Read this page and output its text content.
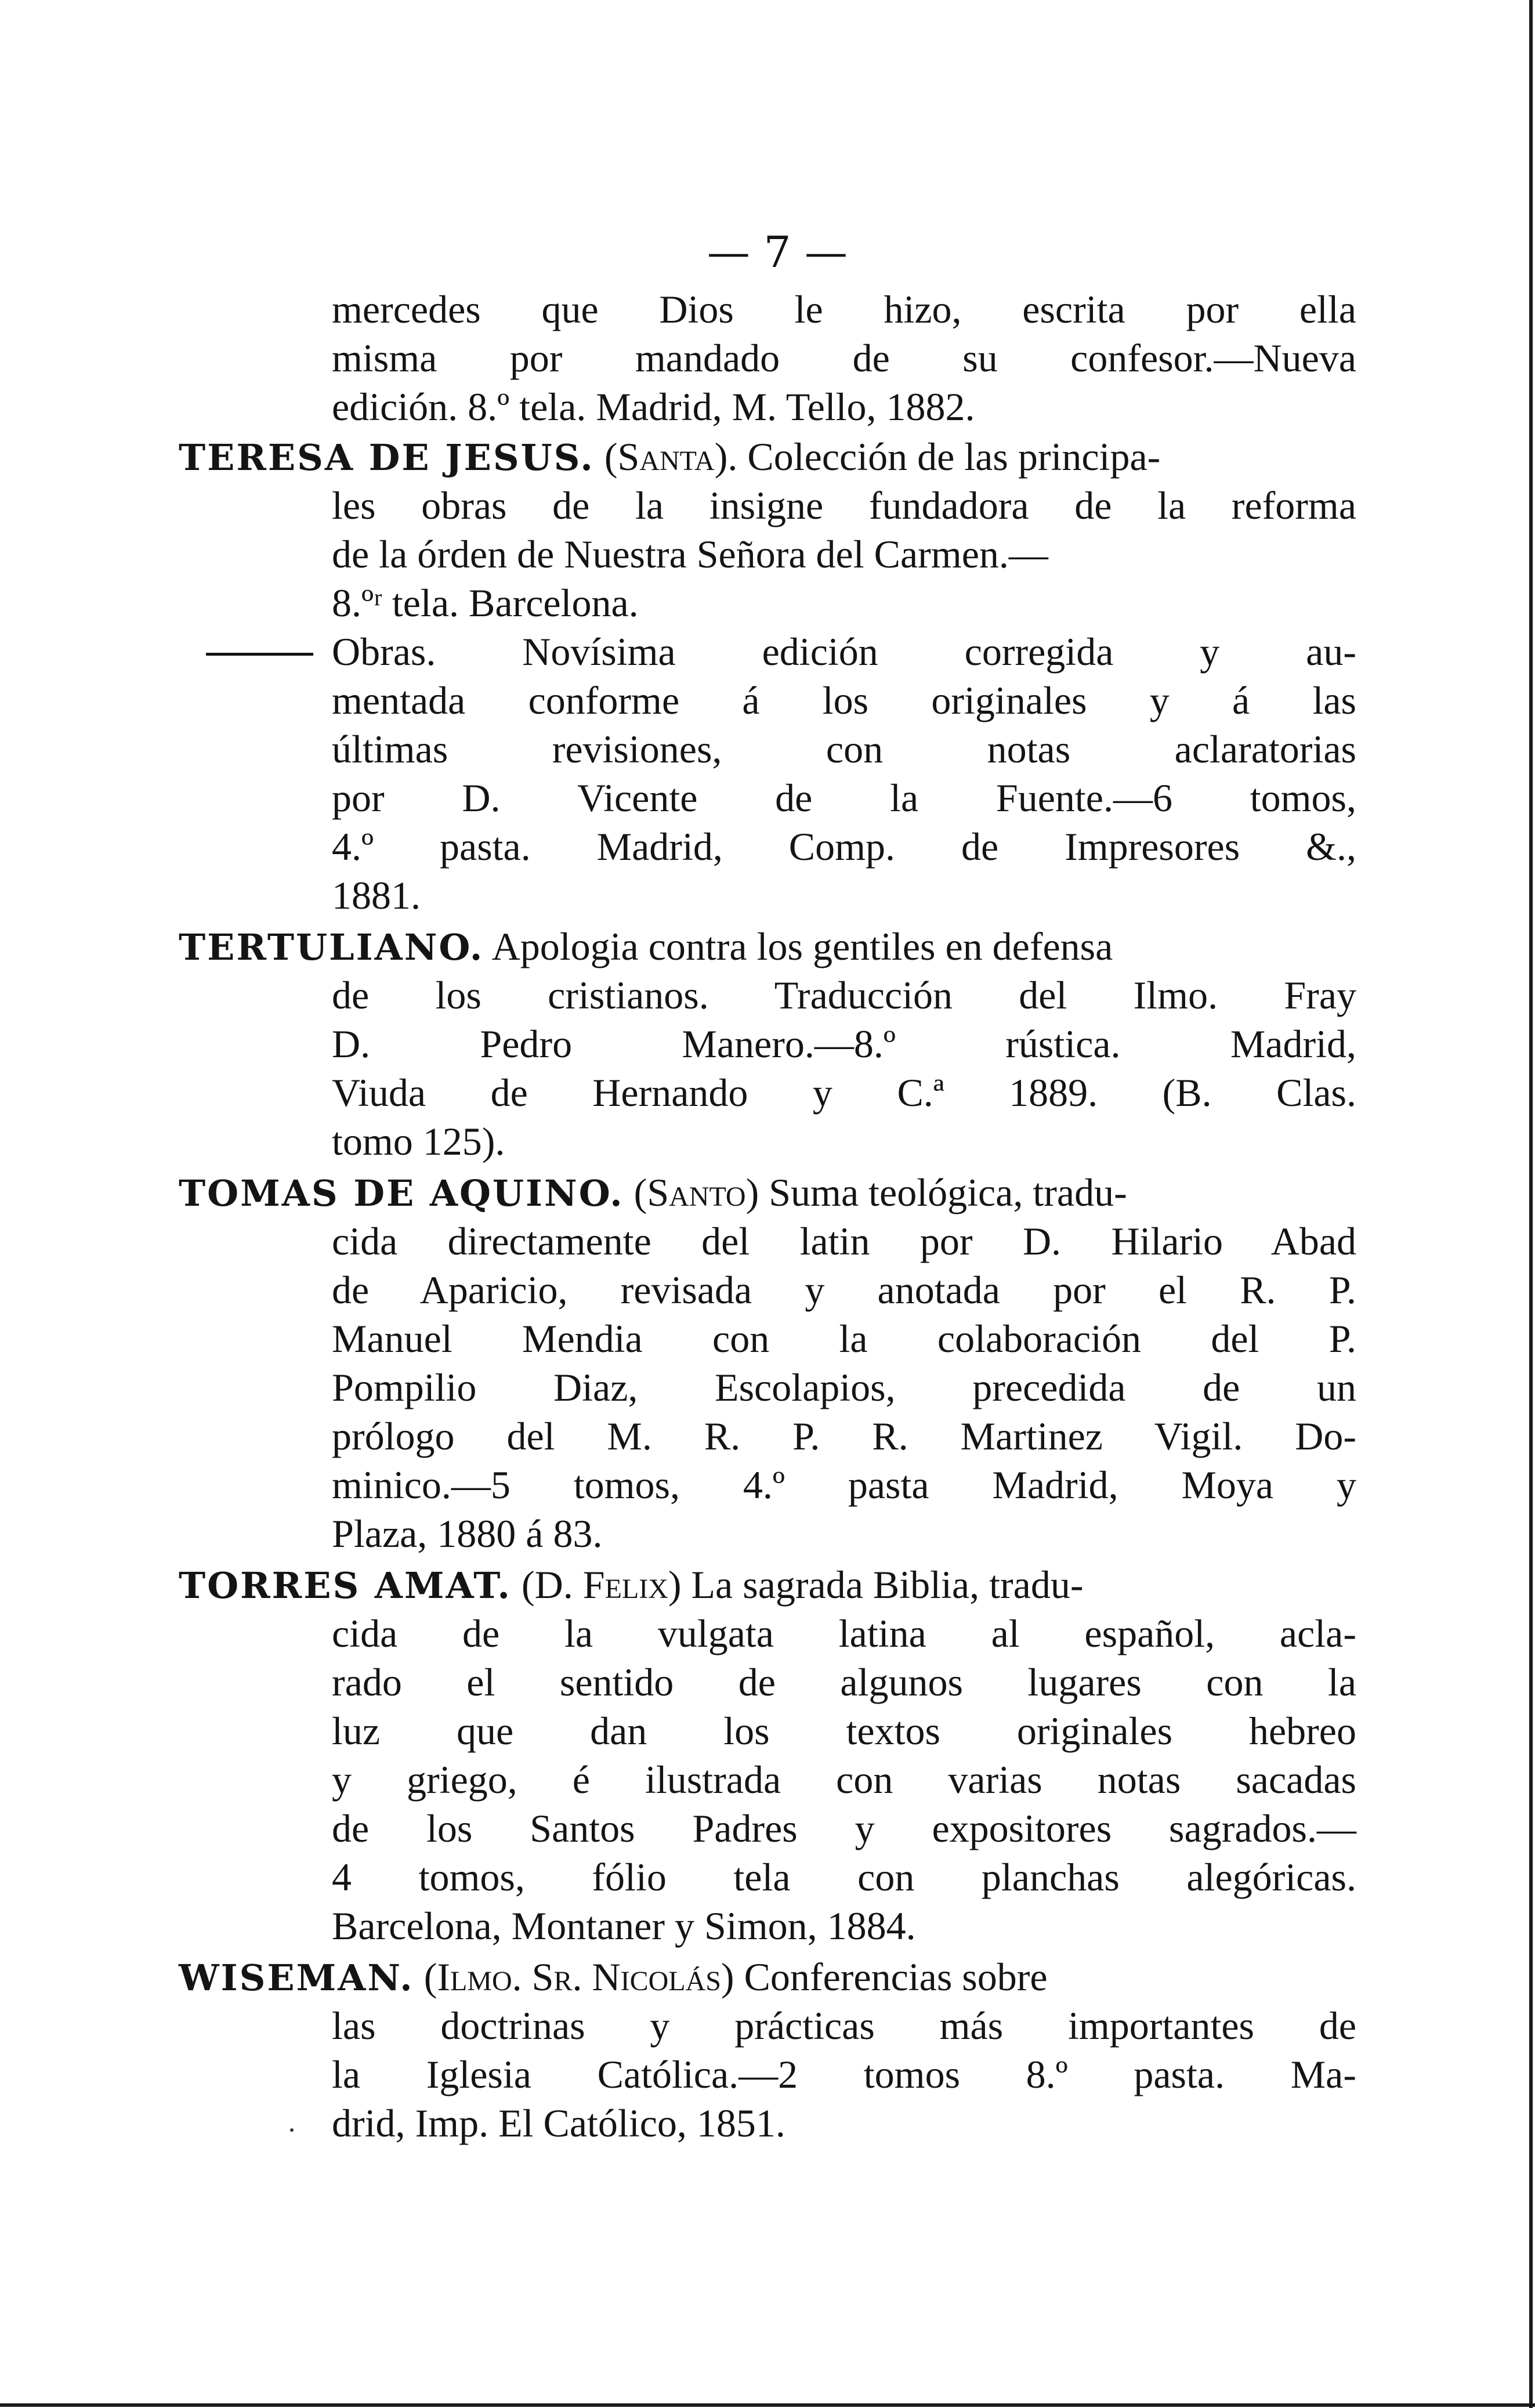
— 7 —
mercedes que Dios le hizo, escrita por ella
misma por mandado de su confesor.—Nueva
edición. 8.º tela. Madrid, M. Tello, 1882.
TERESA DE JESUS. (Santa). Colección de las principa-
les obras de la insigne fundadora de la reforma
de la órden de Nuestra Señora del Carmen.—
8.ºʳ tela. Barcelona.
Obras. Novísima edición corregida y au-
mentada conforme á los originales y á las
últimas revisiones, con notas aclaratorias
por D. Vicente de la Fuente.—6 tomos,
4.º pasta. Madrid, Comp. de Impresores &.,
1881.
TERTULIANO. Apologia contra los gentiles en defensa
de los cristianos. Traducción del Ilmo. Fray
D. Pedro Manero.—8.º rústica. Madrid,
Viuda de Hernando y C.ª 1889. (B. Clas.
tomo 125).
TOMAS DE AQUINO. (Santo) Suma teológica, tradu-
cida directamente del latin por D. Hilario Abad
de Aparicio, revisada y anotada por el R. P.
Manuel Mendia con la colaboración del P.
Pompilio Diaz, Escolapios, precedida de un
prólogo del M. R. P. R. Martinez Vigil. Do-
minico.—5 tomos, 4.º pasta Madrid, Moya y
Plaza, 1880 á 83.
TORRES AMAT. (D. Felix) La sagrada Biblia, tradu-
cida de la vulgata latina al español, acla-
rado el sentido de algunos lugares con la
luz que dan los textos originales hebreo
y griego, é ilustrada con varias notas sacadas
de los Santos Padres y expositores sagrados.—
4 tomos, fólio tela con planchas alegóricas.
Barcelona, Montaner y Simon, 1884.
WISEMAN. (Ilmo. Sr. Nicolás) Conferencias sobre
las doctrinas y prácticas más importantes de
la Iglesia Católica.—2 tomos 8.º pasta. Ma-
drid, Imp. El Católico, 1851.
